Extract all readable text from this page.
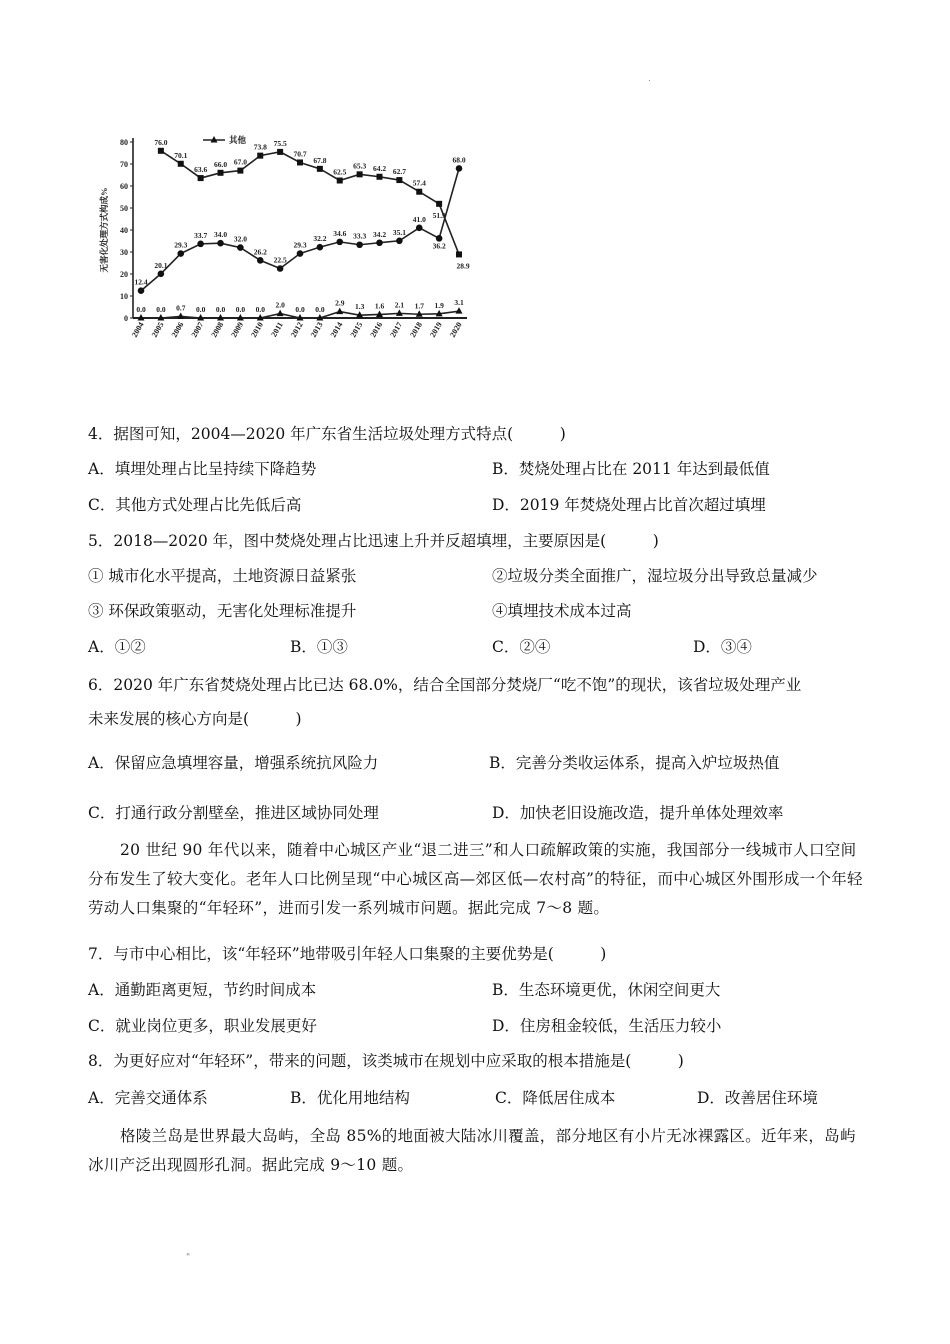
.
0
10
20
30
40
50
60
70
80
无害化处理方式构成%
2004 2005 2006 2007 2008 2009 2010 2011 2012 2013 2014 2015 2016 2017 2018 2019 2020
76.0
70.1
63.6
66.0 67.0
73.8 75.5
70.7
67.8
62.5
65.3 64.2 62.7
57.4
51.9
28.9
12.4
20.1
29.3
33.7 34.0 32.0
26.2
22.5
29.3
32.2
34.6 33.3 34.2 35.1
41.0
36.2
68.0
0.0 0.0 0.7 0.0 0.0 0.0 0.0 2.0 0.0 0.0
2.9 1.3 1.6 2.1 1.7 1.9 3.1
其他
4．据图可知，2004—2020 年广东省生活垃圾处理方式特点(　　　)
A．填埋处理占比呈持续下降趋势	B．焚烧处理占比在 2011 年达到最低值
C．其他方式处理占比先低后高	D．2019 年焚烧处理占比首次超过填埋
5．2018—2020 年，图中焚烧处理占比迅速上升并反超填埋，主要原因是(　　　)
① 城市化水平提高，土地资源日益紧张	②垃圾分类全面推广，湿垃圾分出导致总量减少
③ 环保政策驱动，无害化处理标准提升	④填埋技术成本过高
A．①②	B．①③	C．②④	D．③④
6．2020 年广东省焚烧处理占比已达 68.0%，结合全国部分焚烧厂“吃不饱”的现状，该省垃圾处理产业
未来发展的核心方向是(　　　)
A．保留应急填埋容量，增强系统抗风险力	B．完善分类收运体系，提高入炉垃圾热值
C．打通行政分割壁垒，推进区域协同处理	D．加快老旧设施改造，提升单体处理效率
20 世纪 90 年代以来，随着中心城区产业“退二进三”和人口疏解政策的实施，我国部分一线城市人口空间分布发生了较大变化。老年人口比例呈现“中心城区高—郊区低—农村高”的特征，而中心城区外围形成一个年轻劳动人口集聚的“年轻环”，进而引发一系列城市问题。据此完成 7～8 题。
7．与市中心相比，该“年轻环”地带吸引年轻人口集聚的主要优势是(　　　)
A．通勤距离更短，节约时间成本	B．生态环境更优，休闲空间更大
C．就业岗位更多，职业发展更好	D．住房租金较低，生活压力较小
8．为更好应对“年轻环”，带来的问题，该类城市在规划中应采取的根本措施是(　　　)
A．完善交通体系	B．优化用地结构	C．降低居住成本	D．改善居住环境
格陵兰岛是世界最大岛屿，全岛 85%的地面被大陆冰川覆盖，部分地区有小片无冰裸露区。近年来，岛屿冰川产泛出现圆形孔洞。据此完成 9～10 题。
"
